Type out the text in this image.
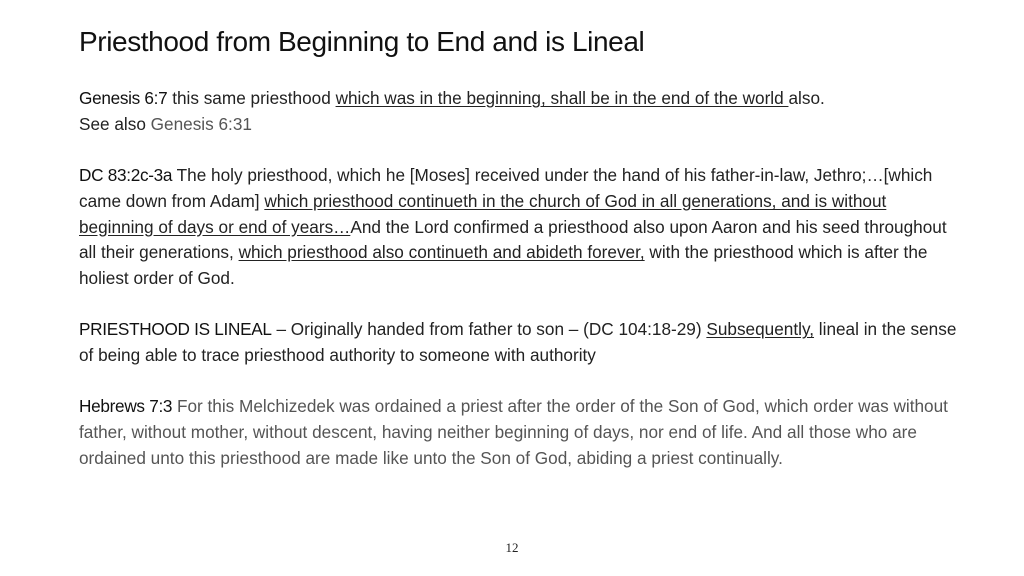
Priesthood from Beginning to End and is Lineal

Genesis 6:7 this same priesthood which was in the beginning, shall be in the end of the world also.
See also Genesis 6:31

DC 83:2c-3a The holy priesthood, which he [Moses] received under the hand of his father-in-law, Jethro;…[which came down from Adam] which priesthood continueth in the church of God in all generations, and is without beginning of days or end of years…And the Lord confirmed a priesthood also upon Aaron and his seed throughout all their generations, which priesthood also continueth and abideth forever, with the priesthood which is after the holiest order of God.

PRIESTHOOD IS LINEAL – Originally handed from father to son – (DC 104:18-29) Subsequently, lineal in the sense of being able to trace priesthood authority to someone with authority

Hebrews 7:3 For this Melchizedek was ordained a priest after the order of the Son of God, which order was without father, without mother, without descent, having neither beginning of days, nor end of life. And all those who are ordained unto this priesthood are made like unto the Son of God, abiding a priest continually.

12
